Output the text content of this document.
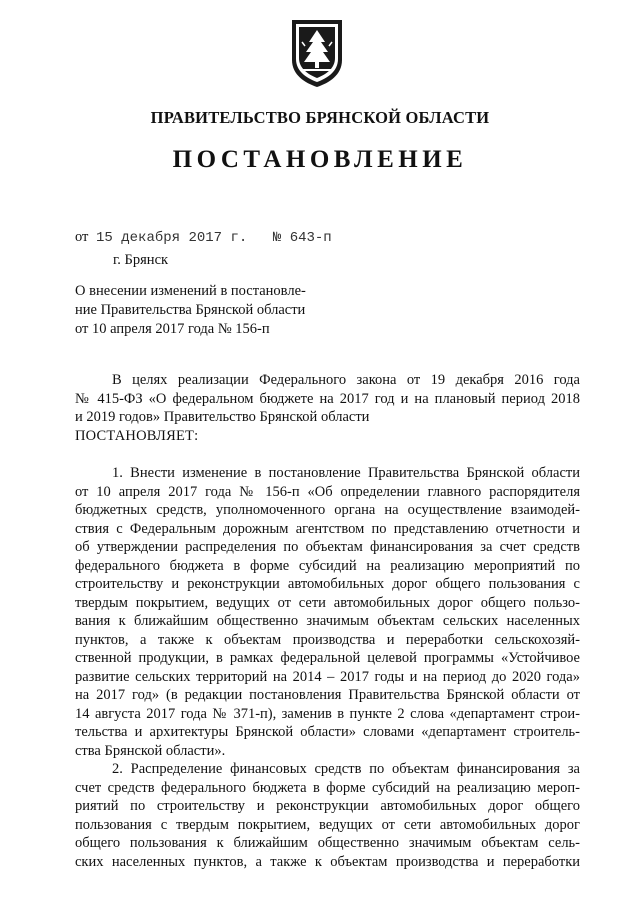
ПРАВИТЕЛЬСТВО БРЯНСКОЙ ОБЛАСТИ
ПОСТАНОВЛЕНИЕ
от 15 декабря 2017 г. № 643-п
г. Брянск
О внесении изменений в постановле-
ние Правительства Брянской области
от 10 апреля 2017 года № 156-п
В целях реализации Федерального закона от 19 декабря 2016 года
№ 415-ФЗ «О федеральном бюджете на 2017 год и на плановый период 2018
и 2019 годов» Правительство Брянской области
ПОСТАНОВЛЯЕТ:
1. Внести изменение в постановление Правительства Брянской области
от 10 апреля 2017 года № 156-п «Об определении главного распорядителя
бюджетных средств, уполномоченного органа на осуществление взаимодей-
ствия с Федеральным дорожным агентством по представлению отчетности и
об утверждении распределения по объектам финансирования за счет средств
федерального бюджета в форме субсидий на реализацию мероприятий по
строительству и реконструкции автомобильных дорог общего пользования с
твердым покрытием, ведущих от сети автомобильных дорог общего пользо-
вания к ближайшим общественно значимым объектам сельских населенных
пунктов, а также к объектам производства и переработки сельскохозяй-
ственной продукции, в рамках федеральной целевой программы «Устойчивое
развитие сельских территорий на 2014 – 2017 годы и на период до 2020 года»
на 2017 год» (в редакции постановления Правительства Брянской области от
14 августа 2017 года № 371-п), заменив в пункте 2 слова «департамент строи-
тельства и архитектуры Брянской области» словами «департамент строитель-
ства Брянской области».
2. Распределение финансовых средств по объектам финансирования за
счет средств федерального бюджета в форме субсидий на реализацию мероп-
риятий по строительству и реконструкции автомобильных дорог общего
пользования с твердым покрытием, ведущих от сети автомобильных дорог
общего пользования к ближайшим общественно значимым объектам сель-
ских населенных пунктов, а также к объектам производства и переработки
